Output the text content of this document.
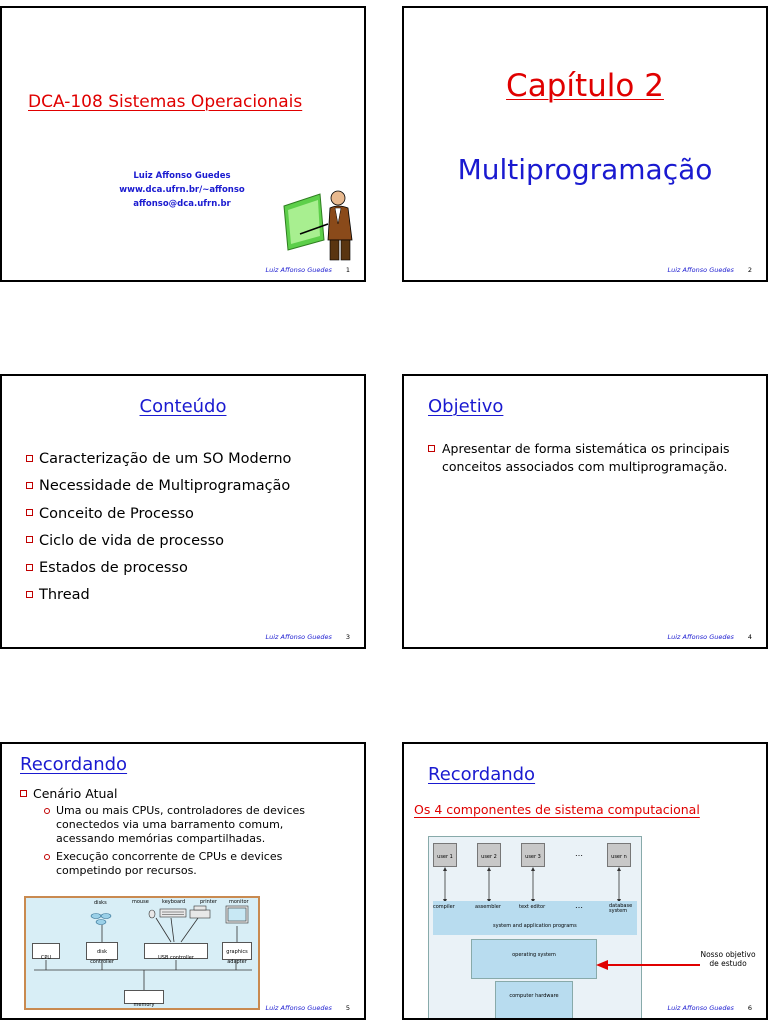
DCA-108 Sistemas Operacionais
Luiz Affonso Guedes
www.dca.ufrn.br/~affonso
affonso@dca.ufrn.br
Luiz Affonso Guedes 1
Capítulo 2
Multiprogramação
Luiz Affonso Guedes 2
Conteúdo
Caracterização de um SO Moderno
Necessidade de Multiprogramação
Conceito de Processo
Ciclo de vida de processo
Estados de processo
Thread
Luiz Affonso Guedes 3
Objetivo
Apresentar de forma sistemática os principais conceitos associados com multiprogramação.
Luiz Affonso Guedes 4
Recordando
Cenário Atual
Uma ou mais CPUs, controladores de devices conectedos via uma barramento comum, acessando memórias compartilhadas.
Execução concorrente de CPUs e devices competindo por recursos.
disks	mouse	keyboard	printer monitor
CPU
disk controller
USB controller
graphics adapter
memory	Luiz Affonso Guedes 5
Recordando
Os 4 componentes de sistema computacional
user 1	user 2	user 3	…	user n
compiler	assembler	text editor	…	database system
system and application programs
operating system
computer hardware
Nosso objetivo de estudo
Luiz Affonso Guedes 6
